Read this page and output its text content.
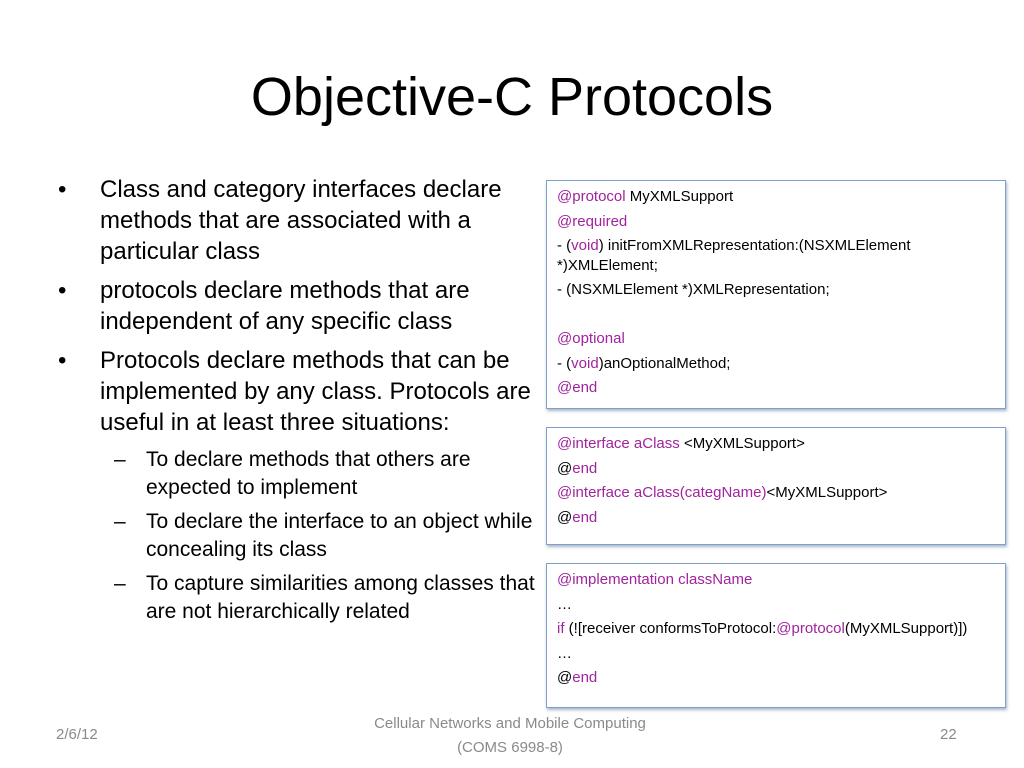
Objective-C Protocols
• Class and category interfaces declare methods that are associated with a particular class
• protocols declare methods that are independent of any specific class
• Protocols declare methods that can be implemented by any class. Protocols are useful in at least three situations:
– To declare methods that others are expected to implement
– To declare the interface to an object while concealing its class
– To capture similarities among classes that are not hierarchically related
@protocol MyXMLSupport
@required
- (void) initFromXMLRepresentation:(NSXMLElement *)XMLElement;
- (NSXMLElement *)XMLRepresentation;
@optional
- (void)anOptionalMethod;
@end
@interface aClass <MyXMLSupport>
@end
@interface aClass(categName)<MyXMLSupport>
@end
@implementation className
…
if (![receiver conformsToProtocol:@protocol(MyXMLSupport)])
…
@end
2/6/12
Cellular Networks and Mobile Computing
(COMS 6998-8)
22
